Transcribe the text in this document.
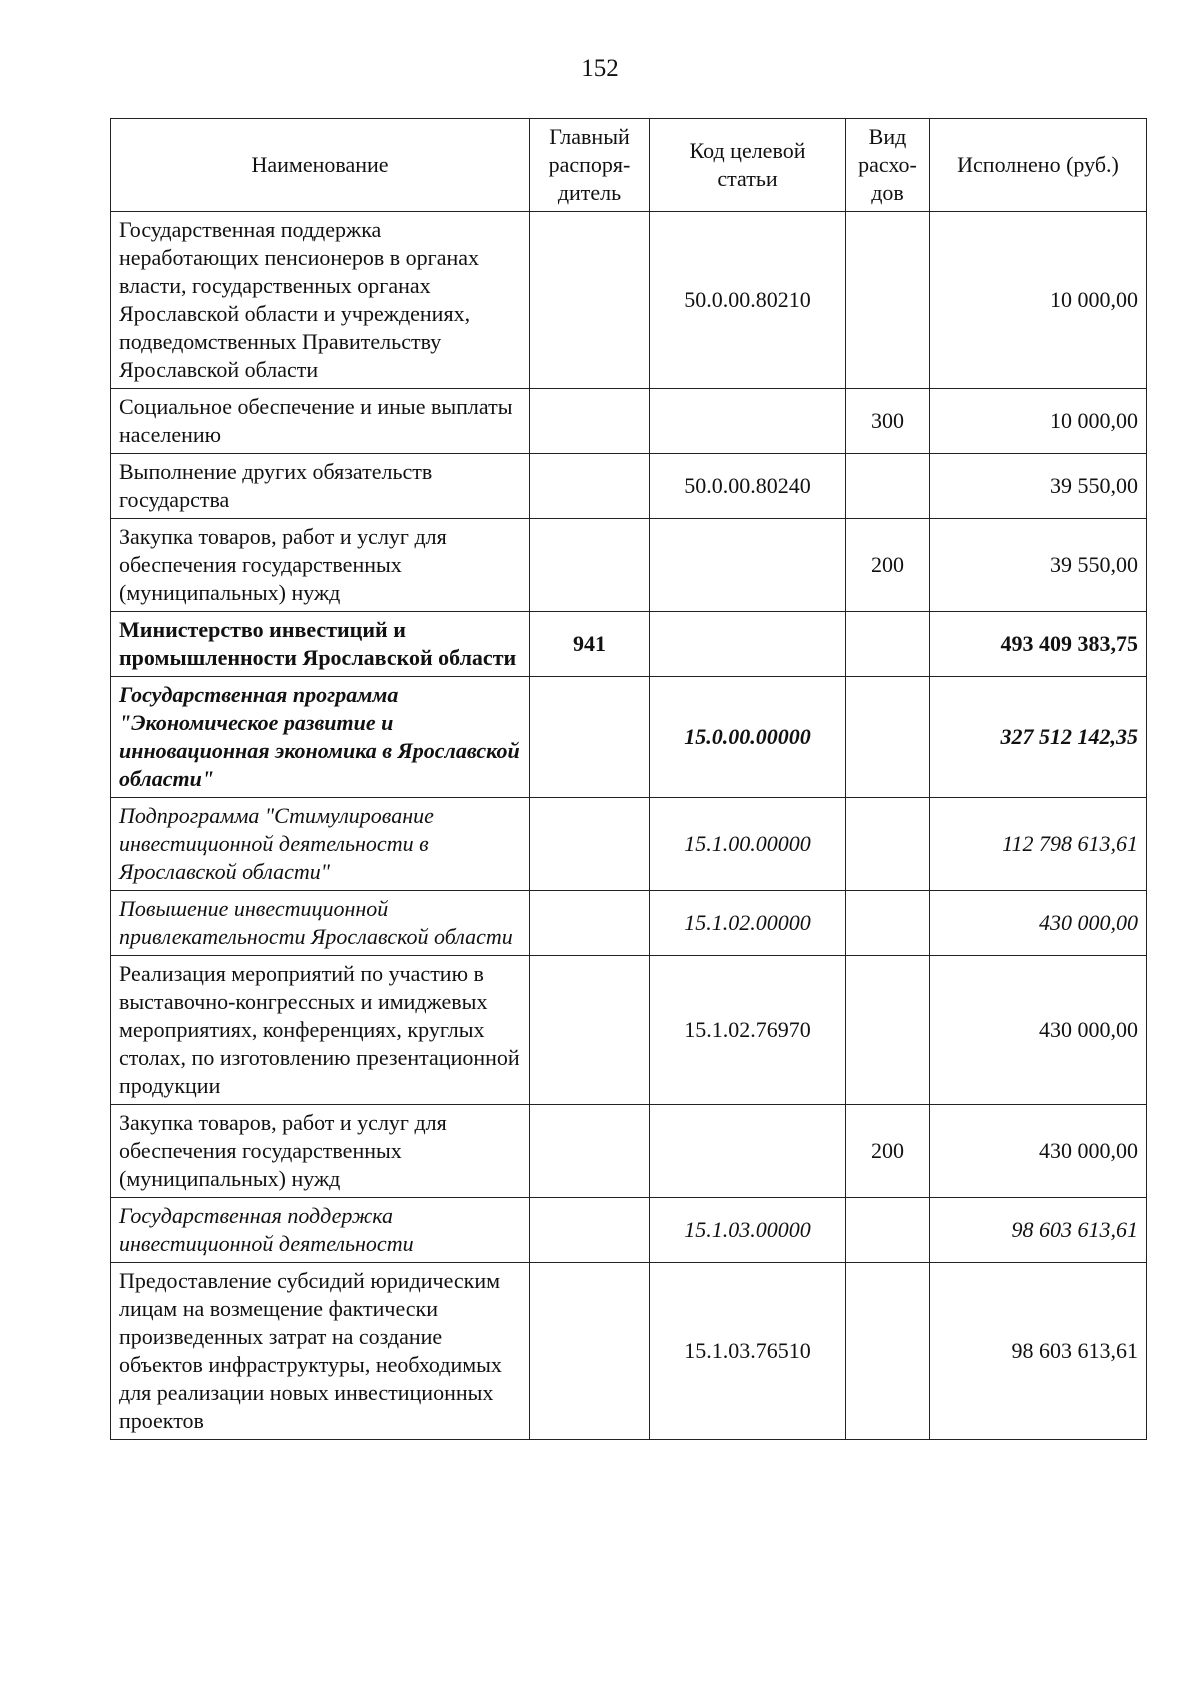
152
Наименование	Главный распоря-дитель	Код целевой статьи	Вид расхо-дов	Исполнено (руб.)
Государственная поддержка неработающих пенсионеров в органах власти, государственных органах Ярославской области и учреждениях, подведомственных Правительству Ярославской области		50.0.00.80210		10 000,00
Социальное обеспечение и иные выплаты населению			300	10 000,00
Выполнение других обязательств государства		50.0.00.80240		39 550,00
Закупка товаров, работ и услуг для обеспечения государственных (муниципальных) нужд			200	39 550,00
Министерство инвестиций и промышленности Ярославской области	941			493 409 383,75
Государственная программа "Экономическое развитие и инновационная экономика в Ярославской области"		15.0.00.00000		327 512 142,35
Подпрограмма "Стимулирование инвестиционной деятельности в Ярославской области"		15.1.00.00000		112 798 613,61
Повышение инвестиционной привлекательности Ярославской области		15.1.02.00000		430 000,00
Реализация мероприятий по участию в выставочно-конгрессных и имиджевых мероприятиях, конференциях, круглых столах, по изготовлению презентационной продукции		15.1.02.76970		430 000,00
Закупка товаров, работ и услуг для обеспечения государственных (муниципальных) нужд			200	430 000,00
Государственная поддержка инвестиционной деятельности		15.1.03.00000		98 603 613,61
Предоставление субсидий юридическим лицам на возмещение фактически произведенных затрат на создание объектов инфраструктуры, необходимых для реализации новых инвестиционных проектов		15.1.03.76510		98 603 613,61
